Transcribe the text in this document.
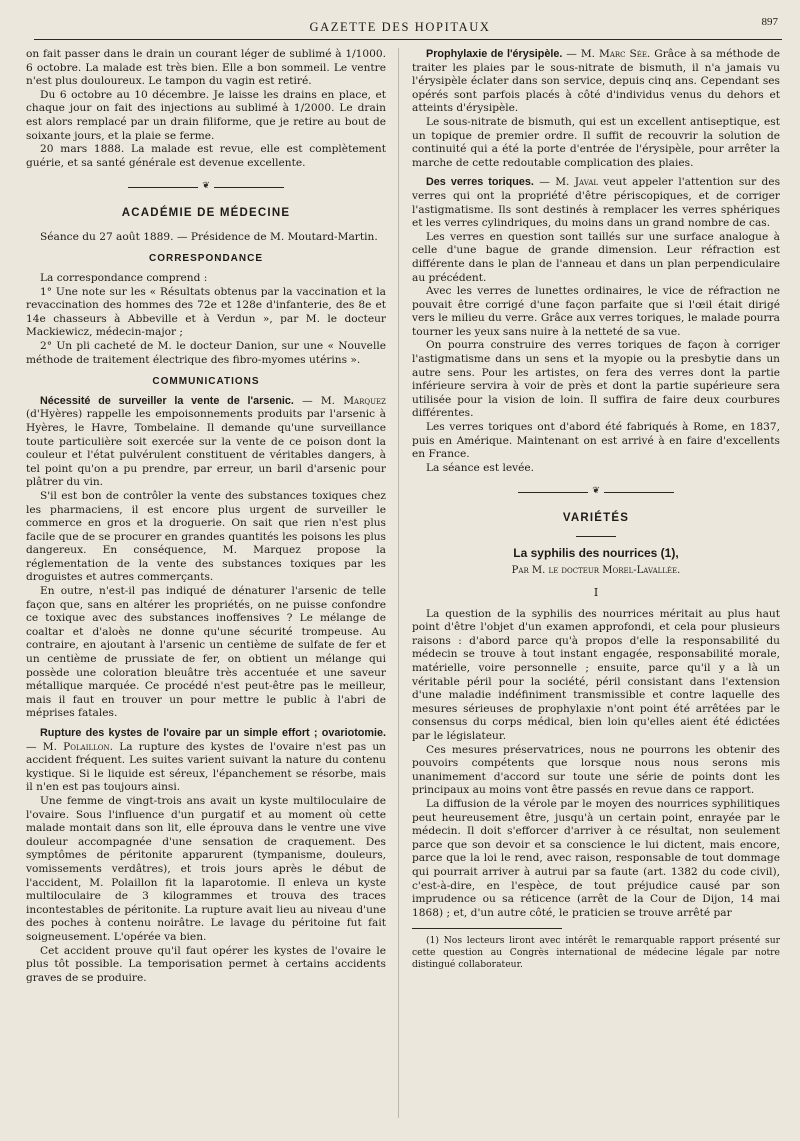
GAZETTE DES HOPITAUX	897

on fait passer dans le drain un courant léger de sublimé à 1/1000. 6 octobre. La malade est très bien. Elle a bon sommeil. Le ventre n'est plus douloureux. Le tampon du vagin est retiré.

Du 6 octobre au 10 décembre. Je laisse les drains en place, et chaque jour on fait des injections au sublimé à 1/2000. Le drain est alors remplacé par un drain filiforme, que je retire au bout de soixante jours, et la plaie se ferme.

20 mars 1888. La malade est revue, elle est complètement guérie, et sa santé générale est devenue excellente.

❦
ACADÉMIE DE MÉDECINE

Séance du 27 août 1889. — Présidence de M. Moutard-Martin.

CORRESPONDANCE

La correspondance comprend :

1° Une note sur les « Résultats obtenus par la vaccination et la revaccination des hommes des 72e et 128e d'infanterie, des 8e et 14e chasseurs à Abbeville et à Verdun », par M. le docteur Mackiewicz, médecin-major ;

2° Un pli cacheté de M. le docteur Danion, sur une « Nouvelle méthode de traitement électrique des fibro-myomes utérins ».

COMMUNICATIONS

Nécessité de surveiller la vente de l'arsenic. — M. Marquez (d'Hyères) rappelle les empoisonnements produits par l'arsenic à Hyères, le Havre, Tombelaine. Il demande qu'une surveillance toute particulière soit exercée sur la vente de ce poison dont la couleur et l'état pulvérulent constituent de véritables dangers, à tel point qu'on a pu prendre, par erreur, un baril d'arsenic pour plâtrer du vin.

S'il est bon de contrôler la vente des substances toxiques chez les pharmaciens, il est encore plus urgent de surveiller le commerce en gros et la droguerie. On sait que rien n'est plus facile que de se procurer en grandes quantités les poisons les plus dangereux. En conséquence, M. Marquez propose la réglementation de la vente des substances toxiques par les droguistes et autres commerçants.

En outre, n'est-il pas indiqué de dénaturer l'arsenic de telle façon que, sans en altérer les propriétés, on ne puisse confondre ce toxique avec des substances inoffensives ? Le mélange de coaltar et d'aloès ne donne qu'une sécurité trompeuse. Au contraire, en ajoutant à l'arsenic un centième de sulfate de fer et un centième de prussiate de fer, on obtient un mélange qui possède une coloration bleuâtre très accentuée et une saveur métallique marquée. Ce procédé n'est peut-être pas le meilleur, mais il faut en trouver un pour mettre le public à l'abri de méprises fatales.

Rupture des kystes de l'ovaire par un simple effort ; ovariotomie. — M. Polaillon. La rupture des kystes de l'ovaire n'est pas un accident fréquent. Les suites varient suivant la nature du contenu kystique. Si le liquide est séreux, l'épanchement se résorbe, mais il n'en est pas toujours ainsi.

Une femme de vingt-trois ans avait un kyste multiloculaire de l'ovaire. Sous l'influence d'un purgatif et au moment où cette malade montait dans son lit, elle éprouva dans le ventre une vive douleur accompagnée d'une sensation de craquement. Des symptômes de péritonite apparurent (tympanisme, douleurs, vomissements verdâtres), et trois jours après le début de l'accident, M. Polaillon fit la laparotomie. Il enleva un kyste multiloculaire de 3 kilogrammes et trouva des traces incontestables de péritonite. La rupture avait lieu au niveau d'une des poches à contenu noirâtre. Le lavage du péritoine fut fait soigneusement. L'opérée va bien.

Cet accident prouve qu'il faut opérer les kystes de l'ovaire le plus tôt possible. La temporisation permet à certains accidents graves de se produire.

Prophylaxie de l'érysipèle. — M. Marc Sée. Grâce à sa méthode de traiter les plaies par le sous-nitrate de bismuth, il n'a jamais vu l'érysipèle éclater dans son service, depuis cinq ans. Cependant ses opérés sont parfois placés à côté d'individus venus du dehors et atteints d'érysipèle.

Le sous-nitrate de bismuth, qui est un excellent antiseptique, est un topique de premier ordre. Il suffit de recouvrir la solution de continuité qui a été la porte d'entrée de l'érysipèle, pour arrêter la marche de cette redoutable complication des plaies.

Des verres toriques. — M. Javal veut appeler l'attention sur des verres qui ont la propriété d'être périscopiques, et de corriger l'astigmatisme. Ils sont destinés à remplacer les verres sphériques et les verres cylindriques, du moins dans un grand nombre de cas.

Les verres en question sont taillés sur une surface analogue à celle d'une bague de grande dimension. Leur réfraction est différente dans le plan de l'anneau et dans un plan perpendiculaire au précédent.

Avec les verres de lunettes ordinaires, le vice de réfraction ne pouvait être corrigé d'une façon parfaite que si l'œil était dirigé vers le milieu du verre. Grâce aux verres toriques, le malade pourra tourner les yeux sans nuire à la netteté de sa vue.

On pourra construire des verres toriques de façon à corriger l'astigmatisme dans un sens et la myopie ou la presbytie dans un autre sens. Pour les artistes, on fera des verres dont la partie inférieure servira à voir de près et dont la partie supérieure sera utilisée pour la vision de loin. Il suffira de faire deux courbures différentes.

Les verres toriques ont d'abord été fabriqués à Rome, en 1837, puis en Amérique. Maintenant on est arrivé à en faire d'excellents en France.

La séance est levée.

❦
VARIÉTÉS
La syphilis des nourrices (1),
Par M. le docteur Morel-Lavallée.
I

La question de la syphilis des nourrices méritait au plus haut point d'être l'objet d'un examen approfondi, et cela pour plusieurs raisons : d'abord parce qu'à propos d'elle la responsabilité du médecin se trouve à tout instant engagée, responsabilité morale, matérielle, voire personnelle ; ensuite, parce qu'il y a là un véritable péril pour la société, péril consistant dans l'extension d'une maladie indéfiniment transmissible et contre laquelle des mesures sérieuses de prophylaxie n'ont point été arrêtées par le consensus du corps médical, bien loin qu'elles aient été édictées par le législateur.

Ces mesures préservatrices, nous ne pourrons les obtenir des pouvoirs compétents que lorsque nous nous serons mis unanimement d'accord sur toute une série de points dont les principaux au moins vont être passés en revue dans ce rapport.

La diffusion de la vérole par le moyen des nourrices syphilitiques peut heureusement être, jusqu'à un certain point, enrayée par le médecin. Il doit s'efforcer d'arriver à ce résultat, non seulement parce que son devoir et sa conscience le lui dictent, mais encore, parce que la loi le rend, avec raison, responsable de tout dommage qui pourrait arriver à autrui par sa faute (art. 1382 du code civil), c'est-à-dire, en l'espèce, de tout préjudice causé par son imprudence ou sa réticence (arrêt de la Cour de Dijon, 14 mai 1868) ; et, d'un autre côté, le praticien se trouve arrêté par

(1) Nos lecteurs liront avec intérêt le remarquable rapport présenté sur cette question au Congrès international de médecine légale par notre distingué collaborateur.
